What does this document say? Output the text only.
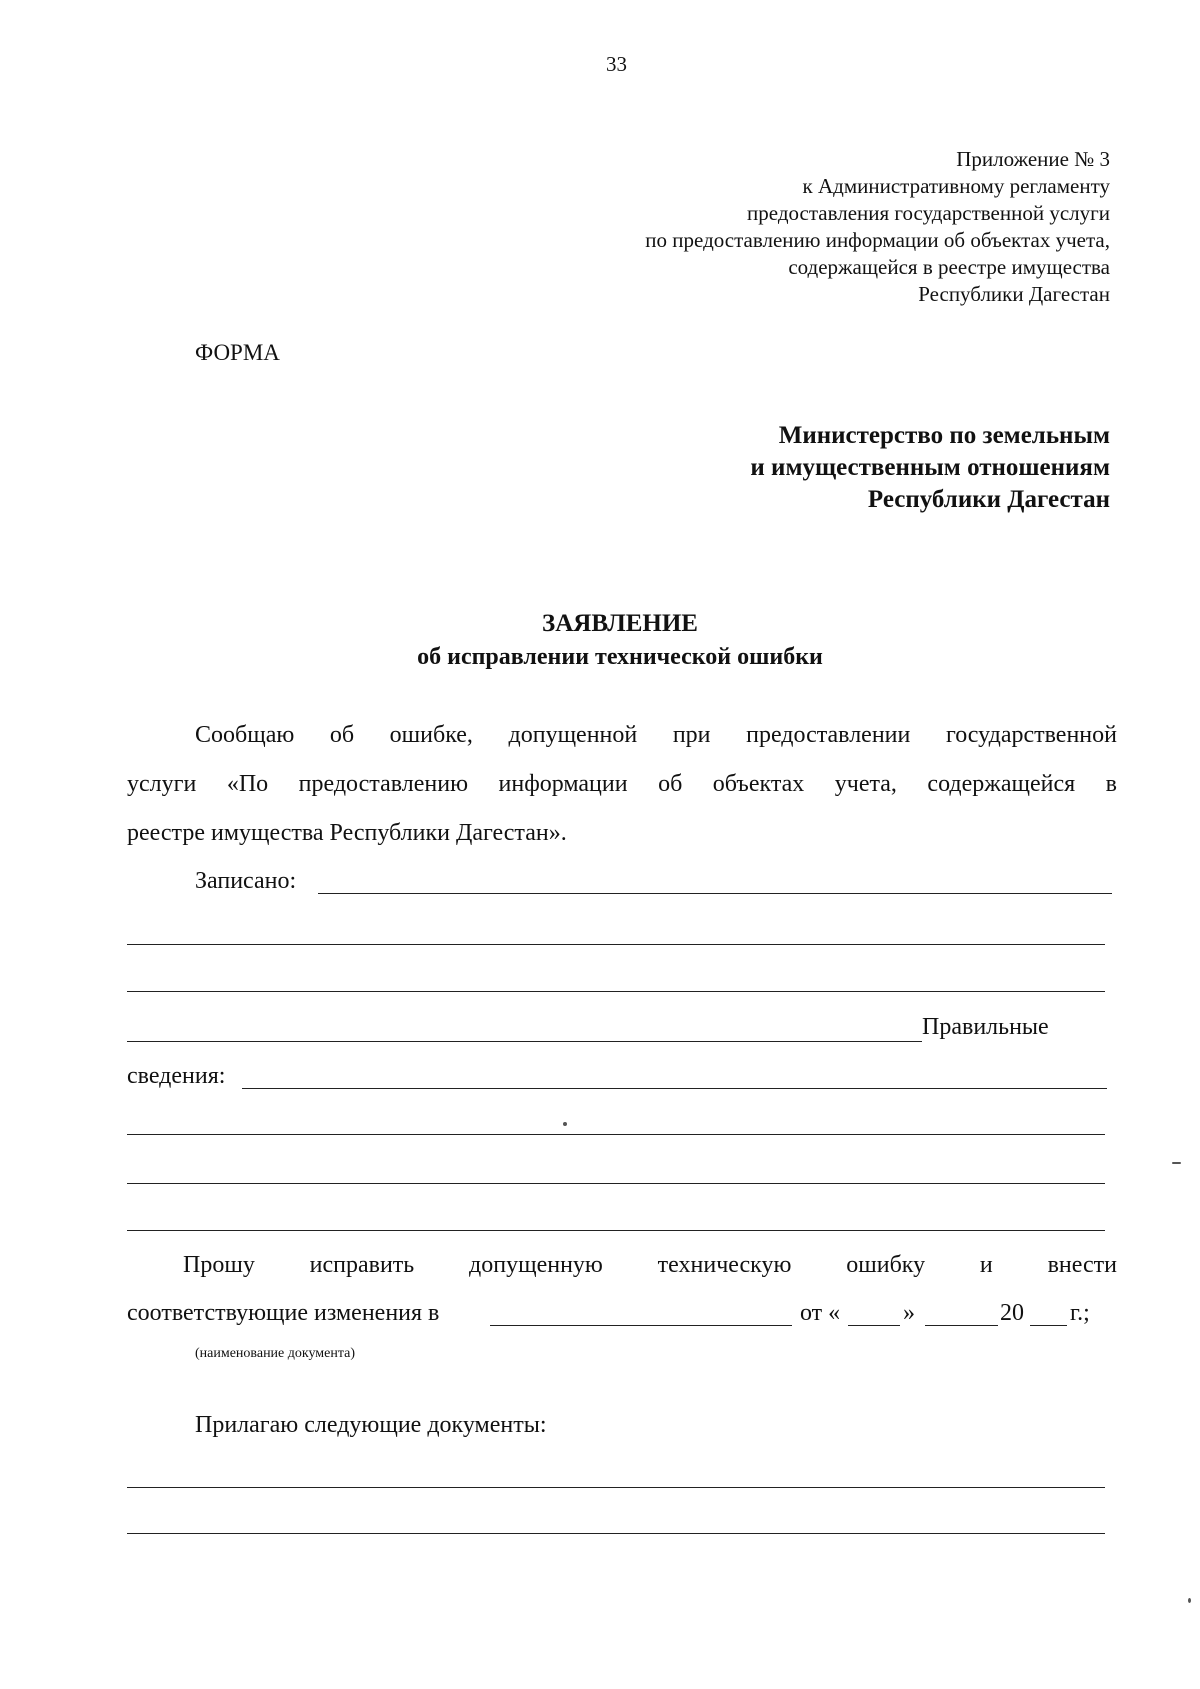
33
Приложение № 3
к Административному регламенту
предоставления государственной услуги
по предоставлению информации об объектах учета,
содержащейся в реестре имущества
Республики Дагестан
ФОРМА
Министерство по земельным
и имущественным отношениям
Республики Дагестан
ЗАЯВЛЕНИЕ
об исправлении технической ошибки
Сообщаю об ошибке, допущенной при предоставлении государственной
услуги «По предоставлению информации об объектах учета, содержащейся в
реестре имущества Республики Дагестан».
Записано:
Правильные
сведения:
Прошу исправить допущенную техническую ошибку и внести
соответствующие изменения в	от «	»	20 г.;
(наименование документа)
Прилагаю следующие документы:
